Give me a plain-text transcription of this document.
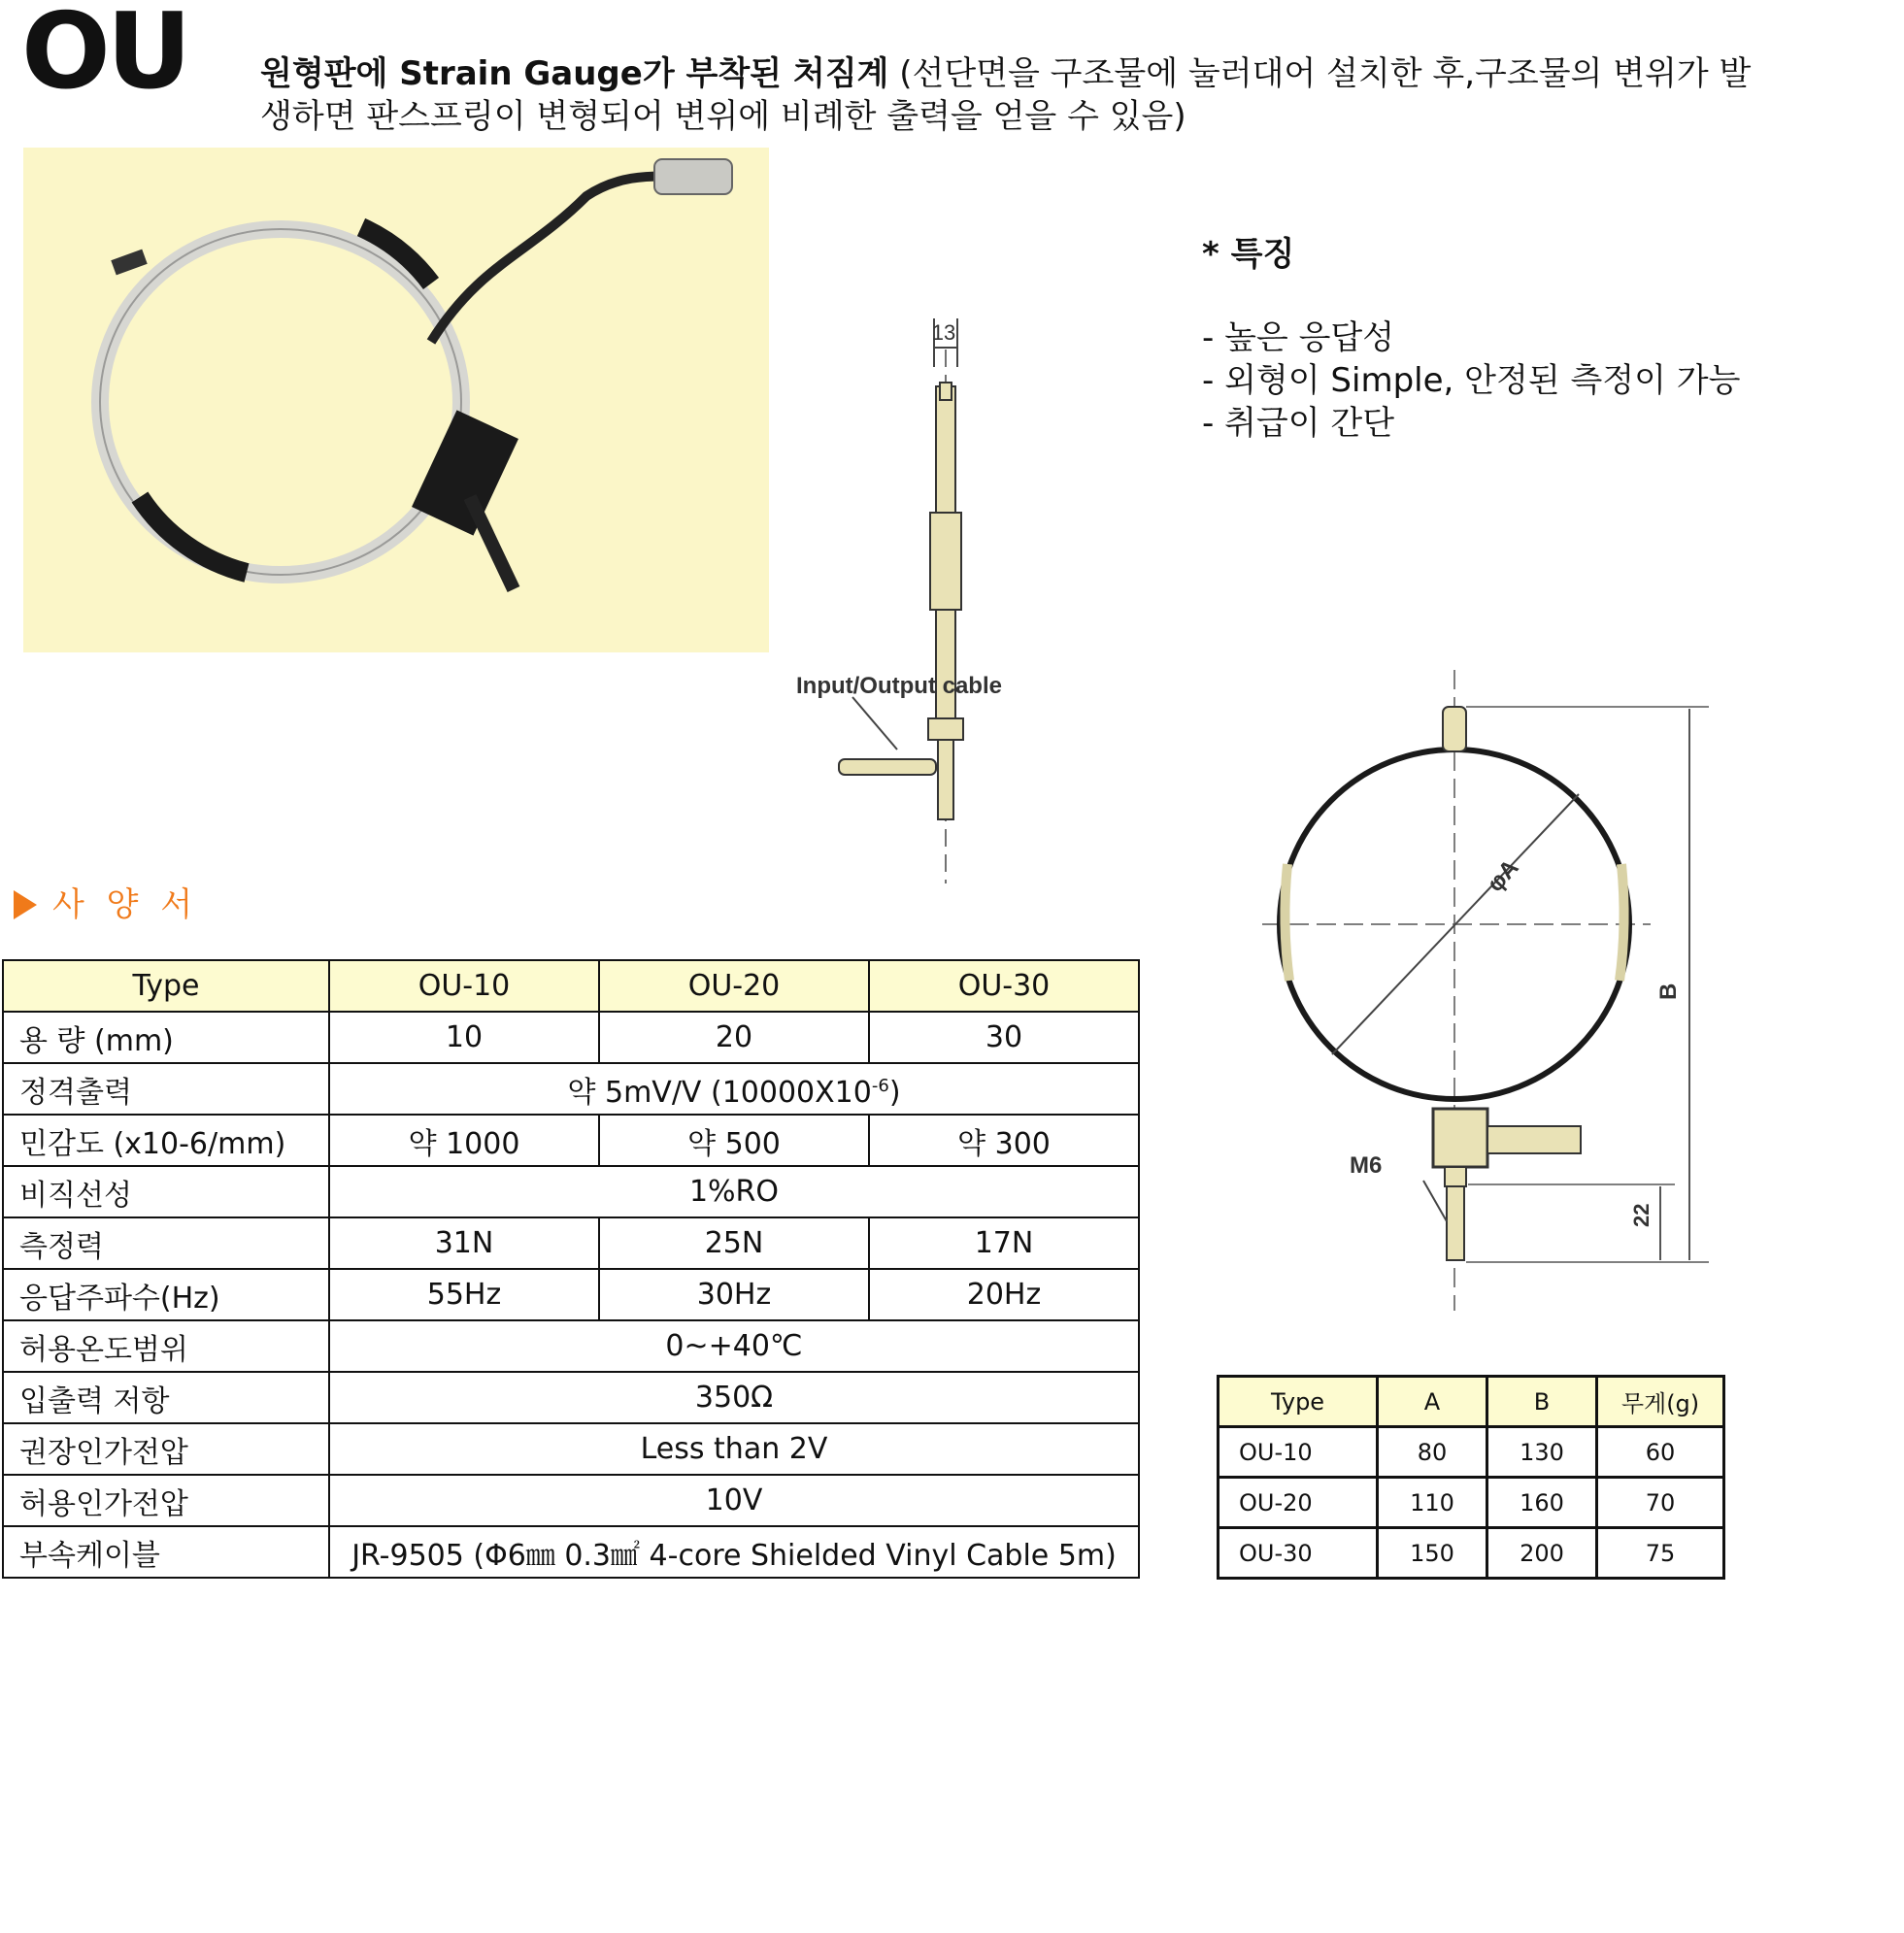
OU 원형판에 Strain Gauge가 부착된 처짐계 (선단면을 구조물에 눌러대어 설치한 후,구조물의 변위가 발생하면 판스프링이 변형되어 변위에 비례한 출력을 얻을 수 있음)
* 특징
- 높은 응답성
- 외형이 Simple, 안정된 측정이 가능
- 취급이 간단
13
Input/Output cable
φA
B
22
M6
사 양 서
Type	OU-10	OU-20	OU-30
용 량 (mm)	10	20	30
정격출력	약 5mV/V $(10000X10^{-6})$		
민감도 (x10-6/mm)	약 1000	약 500	약 300
비직선성	1%RO		
측정력	31N	25N	17N
응답주파수(Hz)	55Hz	30Hz	20Hz
허용온도범위	0~+40℃		
입출력 저항	350Ω		
권장인가전압	Less than 2V		
허용인가전압	10V		
부속케이블	JR-9505 (Φ6㎜ 0.3㎟ 4-core Shielded Vinyl Cable 5m)		
Type	A	B	무게(g)
OU-10	80	130	60
OU-20	110	160	70
OU-30	150	200	75
